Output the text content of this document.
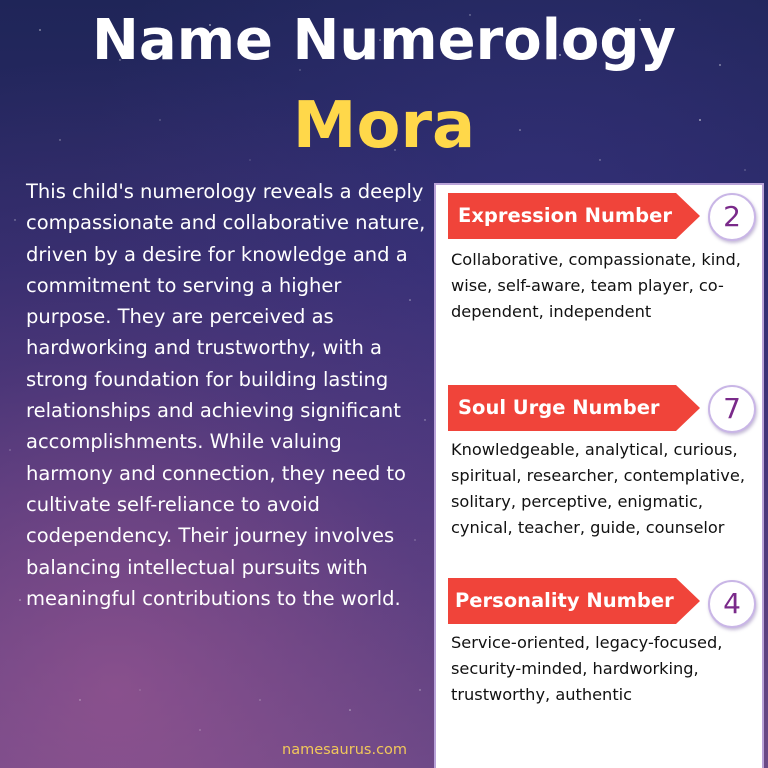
Name Numerology
Mora
This child's numerology reveals a deeply compassionate and collaborative nature, driven by a desire for knowledge and a commitment to serving a higher purpose. They are perceived as hardworking and trustworthy, with a strong foundation for building lasting relationships and achieving significant accomplishments. While valuing harmony and connection, they need to cultivate self-reliance to avoid codependency. Their journey involves balancing intellectual pursuits with meaningful contributions to the world.
Expression Number	2
Collaborative, compassionate, kind, wise, self-aware, team player, co-dependent, independent
Soul Urge Number	7
Knowledgeable, analytical, curious, spiritual, researcher, contemplative, solitary, perceptive, enigmatic, cynical, teacher, guide, counselor
Personality Number	4
Service-oriented, legacy-focused, security-minded, hardworking, trustworthy, authentic
namesaurus.com
